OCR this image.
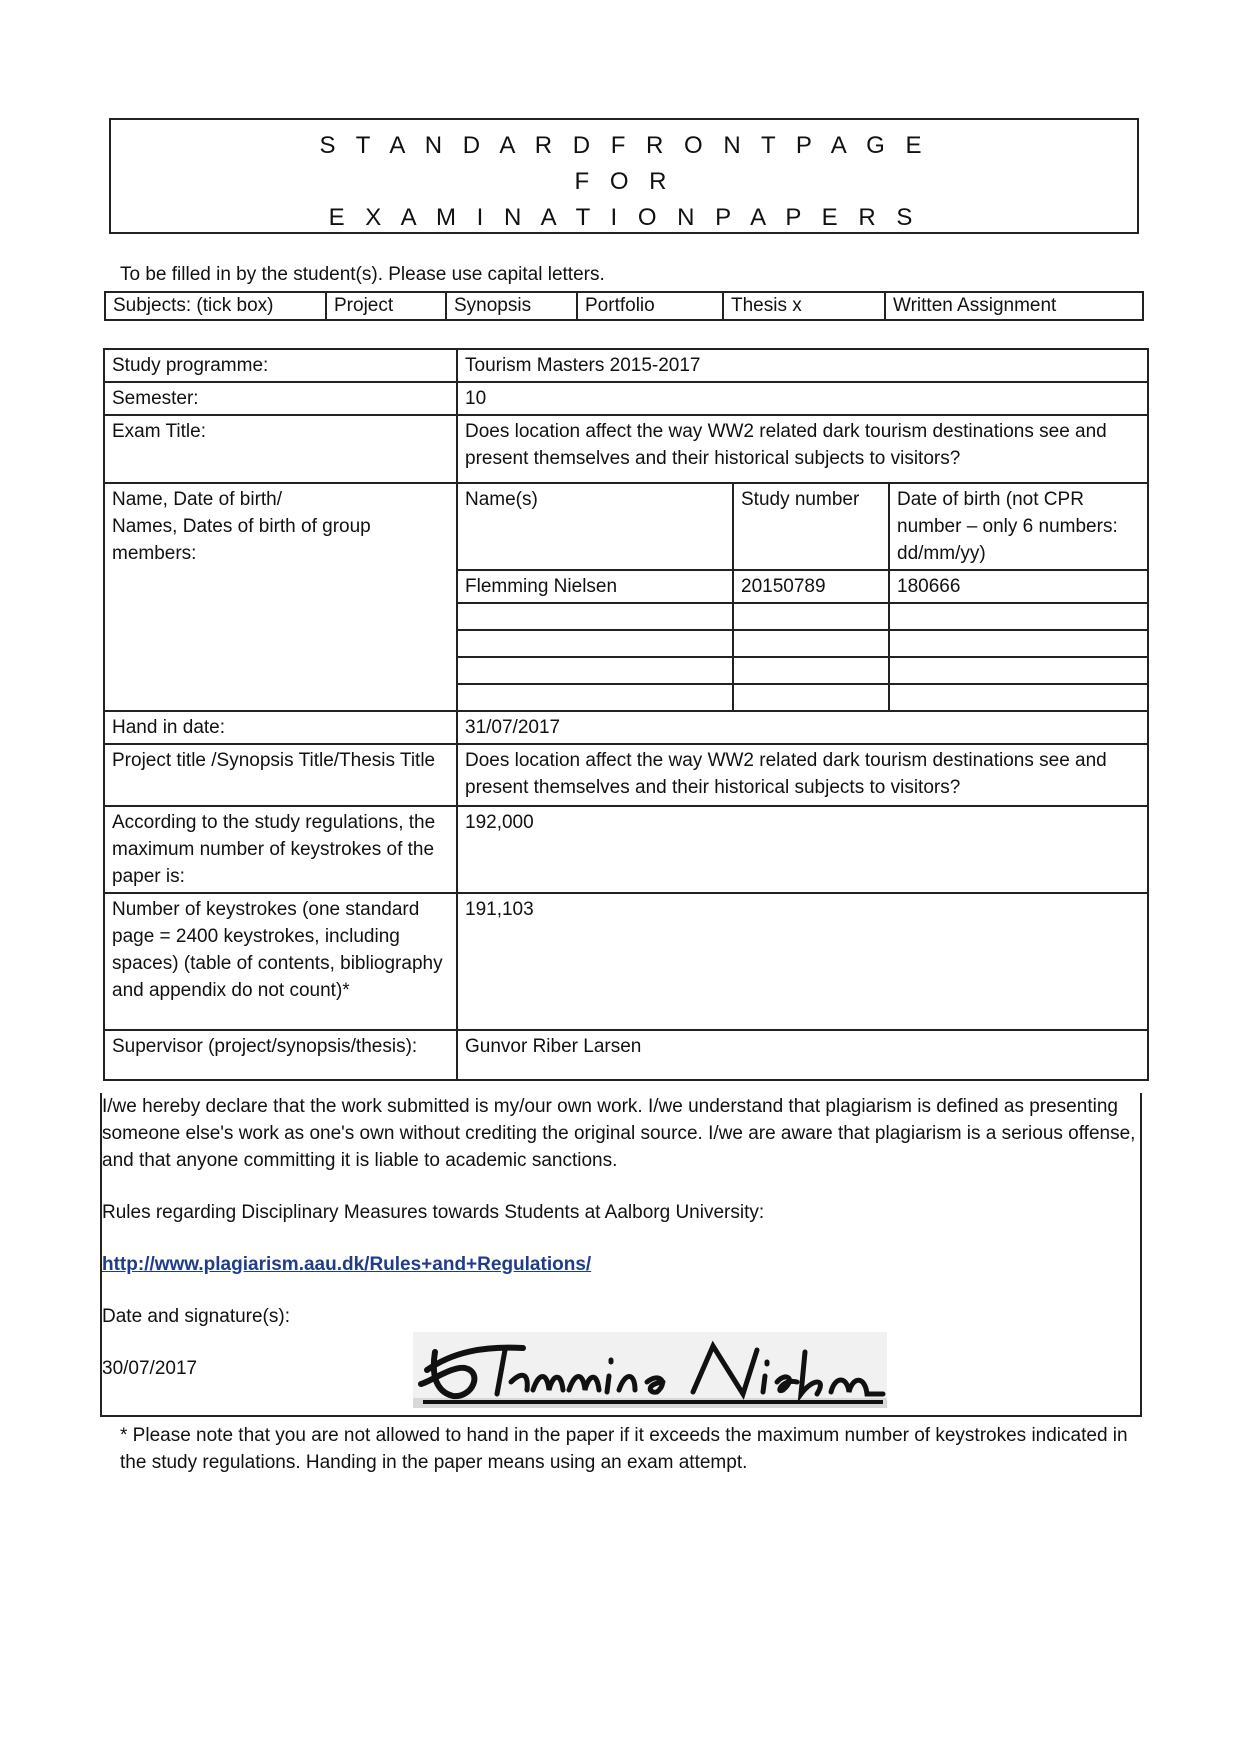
S T A N D A R D F R O N T P A G E
F O R
E X A M I N A T I O N P A P E R S
To be filled in by the student(s). Please use capital letters.
Subjects: (tick box)	Project	Synopsis	Portfolio	Thesis x	Written Assignment
Study programme:	Tourism Masters 2015-2017		
Semester:	10		
Exam Title:	Does location affect the way WW2 related dark tourism destinations see and present themselves and their historical subjects to visitors?		
Name, Date of birth/
Names, Dates of birth of group members:	Name(s)	Study number	Date of birth (not CPR number – only 6 numbers: dd/mm/yy)
	Flemming Nielsen	20150789	180666

Hand in date:	31/07/2017		
Project title /Synopsis Title/Thesis Title	Does location affect the way WW2 related dark tourism destinations see and present themselves and their historical subjects to visitors?		
According to the study regulations, the maximum number of keystrokes of the paper is:	192,000		
Number of keystrokes (one standard page = 2400 keystrokes, including spaces) (table of contents, bibliography and appendix do not count)*	191,103		
Supervisor (project/synopsis/thesis):	Gunvor Riber Larsen		

I/we hereby declare that the work submitted is my/our own work. I/we understand that plagiarism is defined as presenting someone else's work as one's own without crediting the original source. I/we are aware that plagiarism is a serious offense, and that anyone committing it is liable to academic sanctions.

Rules regarding Disciplinary Measures towards Students at Aalborg University:

http://www.plagiarism.aau.dk/Rules+and+Regulations/

Date and signature(s):

30/07/2017

* Please note that you are not allowed to hand in the paper if it exceeds the maximum number of keystrokes indicated in the study regulations. Handing in the paper means using an exam attempt.
